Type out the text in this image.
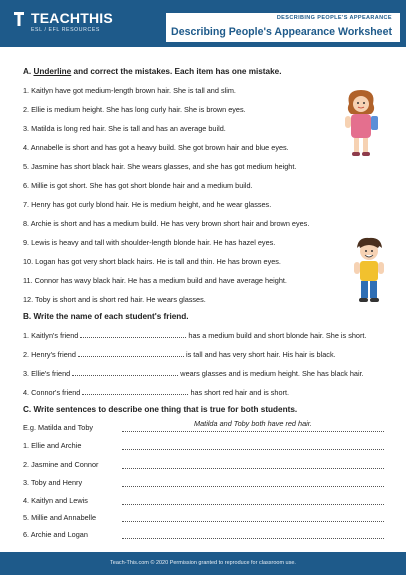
TEACHTHIS
ESL / EFL RESOURCES
DESCRIBING PEOPLE'S APPEARANCE
Describing People's Appearance Worksheet
A. Underline and correct the mistakes. Each item has one mistake.
1. Kaitlyn have got medium-length brown hair. She is tall and slim.
2. Ellie is medium height. She has long curly hair. She is brown eyes.
3. Matilda is long red hair. She is tall and has an average build.
4. Annabelle is short and has got a heavy build. She got brown hair and blue eyes.
5. Jasmine has short black hair. She wears glasses, and she has got medium height.
6. Millie is got short. She has got short blonde hair and a medium build.
7. Henry has got curly blond hair. He is medium height, and he wear glasses.
8. Archie is short and has a medium build. He has very brown short hair and brown eyes.
9. Lewis is heavy and tall with shoulder-length blonde hair. He has hazel eyes.
10. Logan has got very short black hairs. He is tall and thin. He has brown eyes.
11. Connor has wavy black hair. He has a medium build and have average height.
12. Toby is short and is short red hair. He wears glasses.
B. Write the name of each student's friend.
1. Kaitlyn's friend	has a medium build and short blonde hair. She is short.
2. Henry's friend	is tall and has very short hair. His hair is black.
3. Ellie's friend	wears glasses and is medium height. She has black hair.
4. Connor's friend	has short red hair and is short.
C. Write sentences to describe one thing that is true for both students.
E.g. Matilda and Toby	Matilda and Toby both have red hair.
1. Ellie and Archie
2. Jasmine and Connor
3. Toby and Henry
4. Kaitlyn and Lewis
5. Millie and Annabelle
6. Archie and Logan
Teach-This.com © 2020 Permission granted to reproduce for classroom use.
